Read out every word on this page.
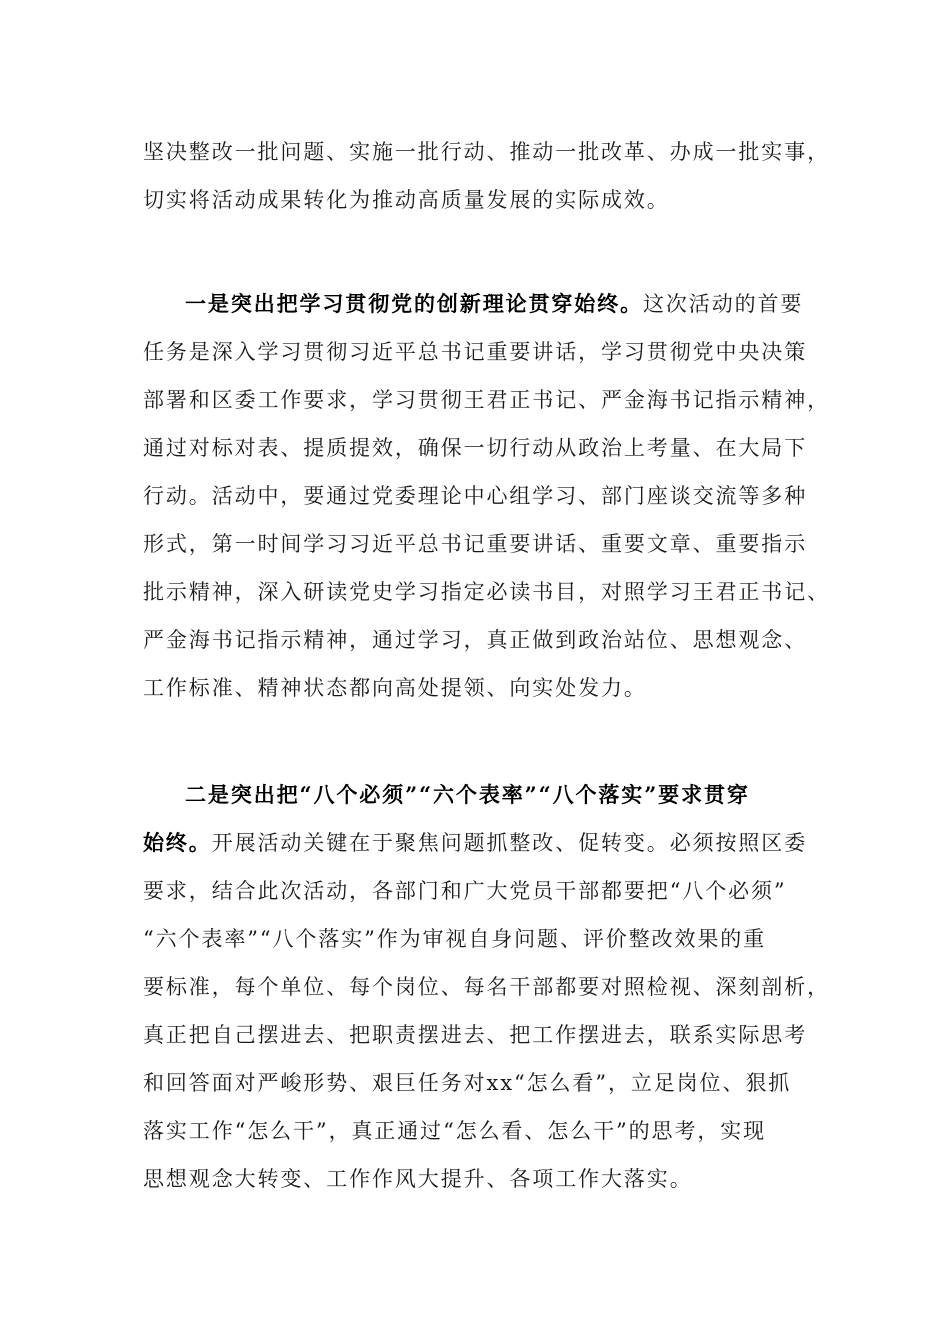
坚决整改一批问题、实施一批行动、推动一批改革、办成一批实事，
切实将活动成果转化为推动高质量发展的实际成效。
一是突出把学习贯彻党的创新理论贯穿始终。这次活动的首要
任务是深入学习贯彻习近平总书记重要讲话，学习贯彻党中央决策
部署和区委工作要求，学习贯彻王君正书记、严金海书记指示精神，
通过对标对表、提质提效，确保一切行动从政治上考量、在大局下
行动。活动中，要通过党委理论中心组学习、部门座谈交流等多种
形式，第一时间学习习近平总书记重要讲话、重要文章、重要指示
批示精神，深入研读党史学习指定必读书目，对照学习王君正书记、
严金海书记指示精神，通过学习，真正做到政治站位、思想观念、
工作标准、精神状态都向高处提领、向实处发力。
二是突出把“八个必须”“六个表率”“八个落实”要求贯穿
始终。开展活动关键在于聚焦问题抓整改、促转变。必须按照区委
要求，结合此次活动，各部门和广大党员干部都要把“八个必须”
“六个表率”“八个落实”作为审视自身问题、评价整改效果的重
要标准，每个单位、每个岗位、每名干部都要对照检视、深刻剖析，
真正把自己摆进去、把职责摆进去、把工作摆进去，联系实际思考
和回答面对严峻形势、艰巨任务对xx“怎么看”，立足岗位、狠抓
落实工作“怎么干”，真正通过“怎么看、怎么干”的思考，实现
思想观念大转变、工作作风大提升、各项工作大落实。
